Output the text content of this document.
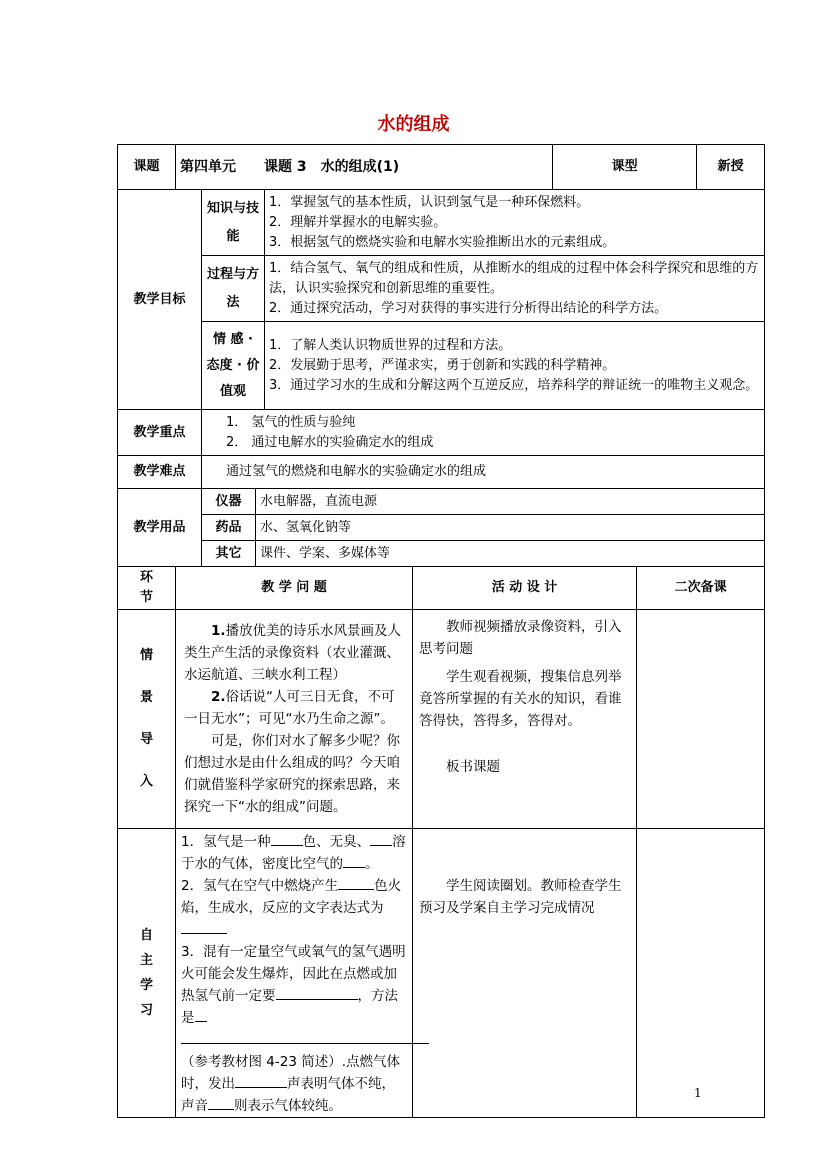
水的组成
课题	第四单元　　课题 3　水的组成(1)					课型		新授
教学目标		知识与技能		1．掌握氢气的基本性质，认识到氢气是一种环保燃料。
2．理解并掌握水的电解实验。
3．根据氢气的燃烧实验和电解水实验推断出水的元素组成。				

		过程与方法		1．结合氢气、氧气的组成和性质，从推断水的组成的过程中体会科学探究和思维的方法，认识实验探究和创新思维的重要性。
2．通过探究活动，学习对获得的事实进行分析得出结论的科学方法。				

		情 感 · 态度 · 价值观		1．了解人类认识物质世界的过程和方法。
2．发展勤于思考，严谨求实，勇于创新和实践的科学精神。
3．通过学习水的生成和分解这两个互逆反应，培养科学的辩证统一的唯物主义观念。				

教学重点		1． 氢气的性质与验纯
2． 通过电解水的实验确定水的组成						

教学难点		通过氢气的燃烧和电解水的实验确定水的组成						
教学用品		仪器	水电解器，直流电源					
		药品	水、氢氧化钠等					
		其它	课件、学案、多媒体等					
环节	教 学 问 题				活 动 设 计		二次备课	

情景导入	1.播放优美的诗乐水风景画及人类生产生活的录像资料（农业灌溉、水运航道、三峡水利工程）
2.俗话说“人可三日无食，不可一日无水”；可见“水乃生命之源”。
可是，你们对水了解多少呢？你们想过水是由什么组成的吗？今天咱们就借鉴科学家研究的探索思路，来探究一下“水的组成”问题。				教师视频播放录像资料，引入思考问题
学生观看视频，搜集信息列举竟答所掌握的有关水的知识，看谁答得快，答得多，答得对。
板书课题			

自主学习	1．氢气是一种 色、无臭、 溶于水的气体，密度比空气的 。
2．氢气在空气中燃烧产生 色火焰，生成水，反应的文字表达式为
3．混有一定量空气或氧气的氢气遇明火可能会发生爆炸，因此在点燃或加热氢气前一定要 ，方法是
（参考教材图 4-23 简述）.点燃气体时，发出 声表明气体不纯，声音 则表示气体较纯。				学生阅读圈划。教师检查学生预习及学案自主学习完成情况			

1
